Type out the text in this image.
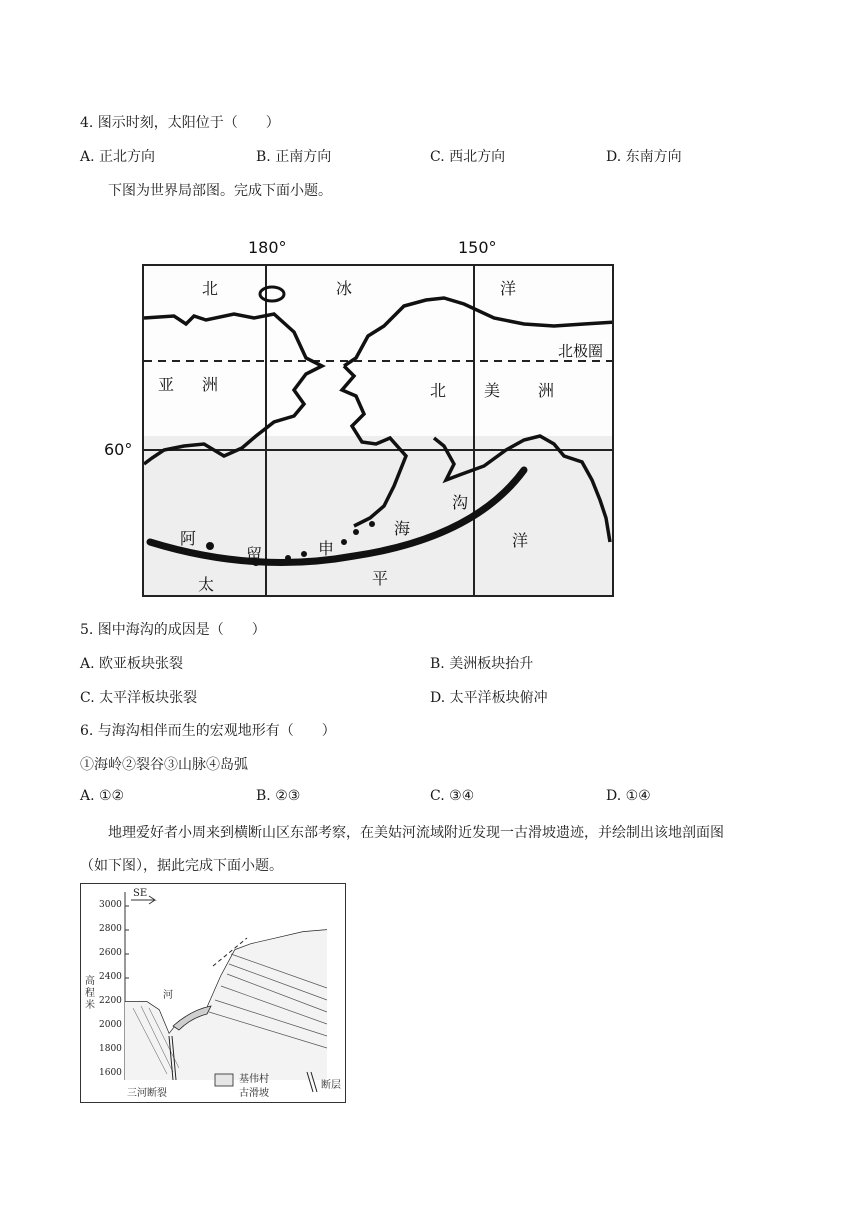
4. 图示时刻，太阳位于（　　）
A. 正北方向	B. 正南方向	C. 西北方向	D. 东南方向
下图为世界局部图。完成下面小题。
180°	150°
60°
北	冰	洋
北极圈
亚 洲	北 美 洲
沟
海
阿
留	申
太	平
洋
5. 图中海沟的成因是（　　）
A. 欧亚板块张裂	B. 美洲板块抬升
C. 太平洋板块张裂	D. 太平洋板块俯冲
6. 与海沟相伴而生的宏观地形有（　　）
①海岭②裂谷③山脉④岛弧
A. ①②	B. ②③	C. ③④	D. ①④
地理爱好者小周来到横断山区东部考察，在美姑河流域附近发现一古滑坡遗迹，并绘制出该地剖面图
（如下图），据此完成下面小题。
SE
3000
2800
2600
2400
2200
2000
1800
1600
高程米
河
三河断裂
基伟村
古滑坡
断层
